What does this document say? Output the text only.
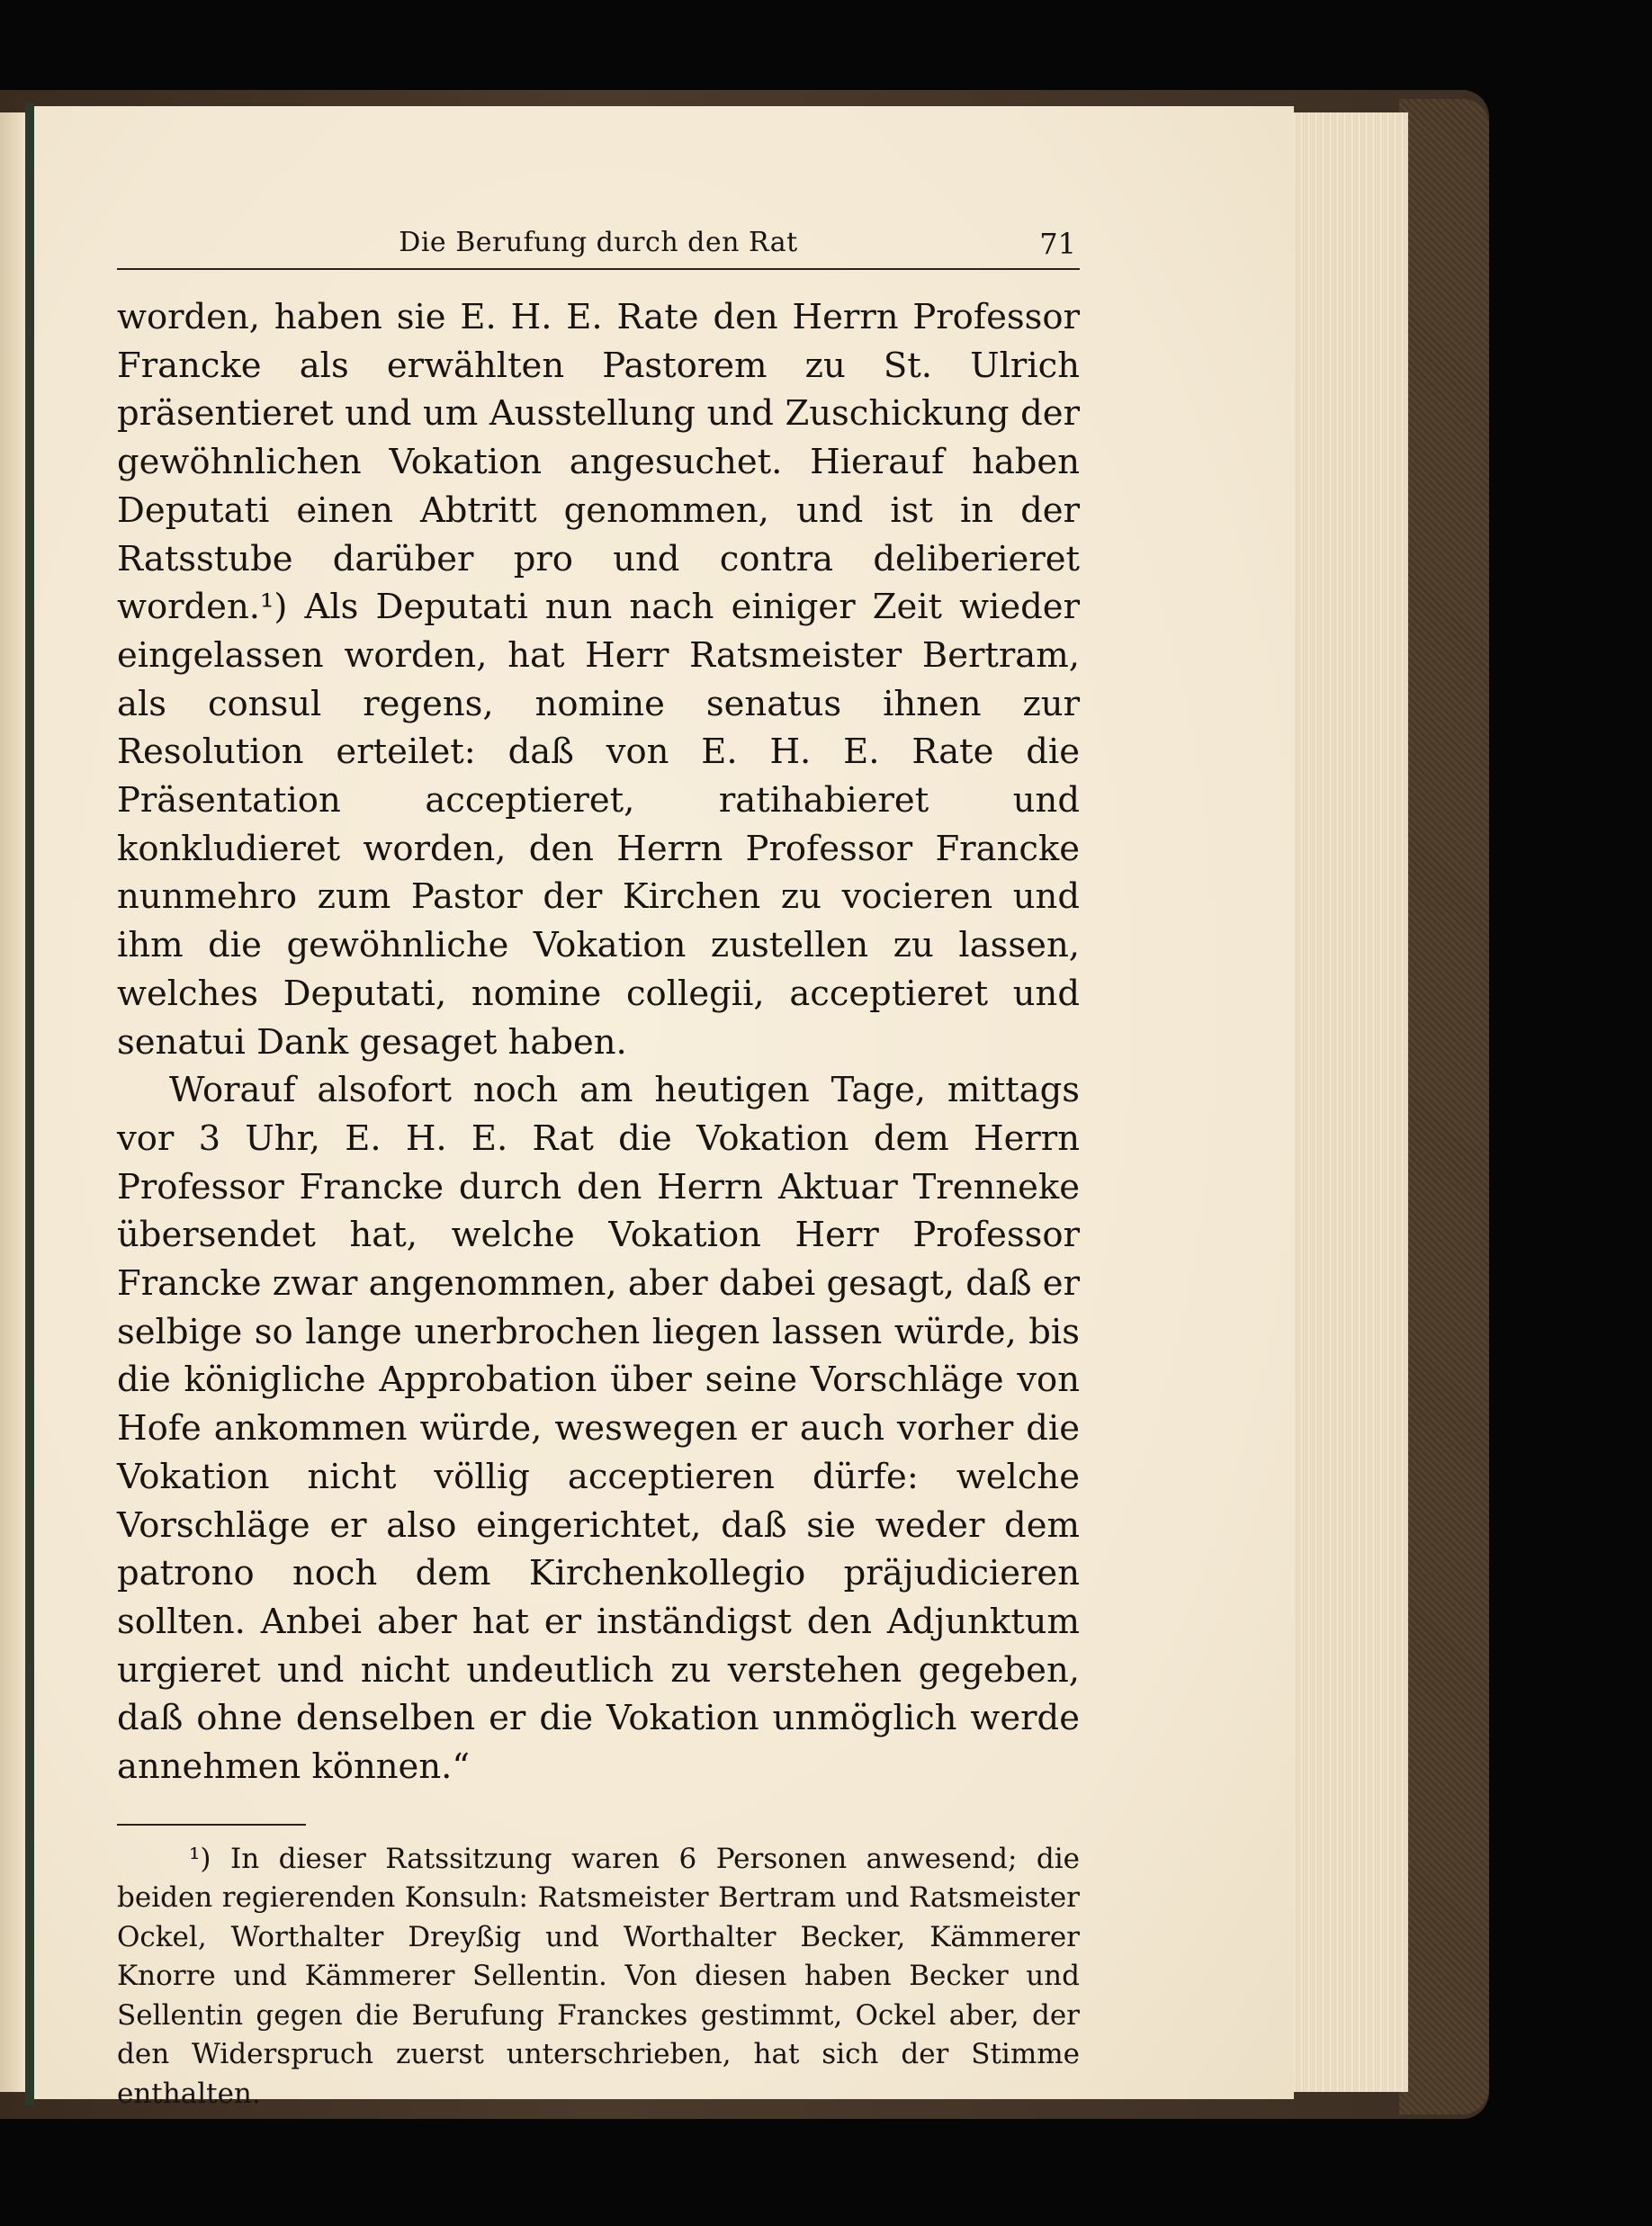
Die Berufung durch den Rat	71

worden, haben sie E. H. E. Rate den Herrn Professor Francke als erwählten Pastorem zu St. Ulrich präsentieret und um Ausstellung und Zuschickung der gewöhnlichen Vokation angesuchet. Hierauf haben Deputati einen Abtritt genommen, und ist in der Ratsstube darüber pro und contra deliberieret worden.¹) Als Deputati nun nach einiger Zeit wieder eingelassen worden, hat Herr Ratsmeister Bertram, als consul regens, nomine senatus ihnen zur Resolution erteilet: daß von E. H. E. Rate die Präsentation acceptieret, ratihabieret und konkludieret worden, den Herrn Professor Francke nunmehro zum Pastor der Kirchen zu vocieren und ihm die gewöhnliche Vokation zustellen zu lassen, welches Deputati, nomine collegii, acceptieret und senatui Dank gesaget haben.

Worauf alsofort noch am heutigen Tage, mittags vor 3 Uhr, E. H. E. Rat die Vokation dem Herrn Professor Francke durch den Herrn Aktuar Trenneke übersendet hat, welche Vokation Herr Professor Francke zwar angenommen, aber dabei gesagt, daß er selbige so lange unerbrochen liegen lassen würde, bis die königliche Approbation über seine Vorschläge von Hofe ankommen würde, weswegen er auch vorher die Vokation nicht völlig acceptieren dürfe: welche Vorschläge er also eingerichtet, daß sie weder dem patrono noch dem Kirchenkollegio präjudicieren sollten. Anbei aber hat er inständigst den Adjunktum urgieret und nicht undeutlich zu verstehen gegeben, daß ohne denselben er die Vokation unmöglich werde annehmen können.“

¹) In dieser Ratssitzung waren 6 Personen anwesend; die beiden regierenden Konsuln: Ratsmeister Bertram und Ratsmeister Ockel, Worthalter Dreyßig und Worthalter Becker, Kämmerer Knorre und Kämmerer Sellentin. Von diesen haben Becker und Sellentin gegen die Berufung Franckes gestimmt, Ockel aber, der den Widerspruch zuerst unterschrieben, hat sich der Stimme enthalten.
